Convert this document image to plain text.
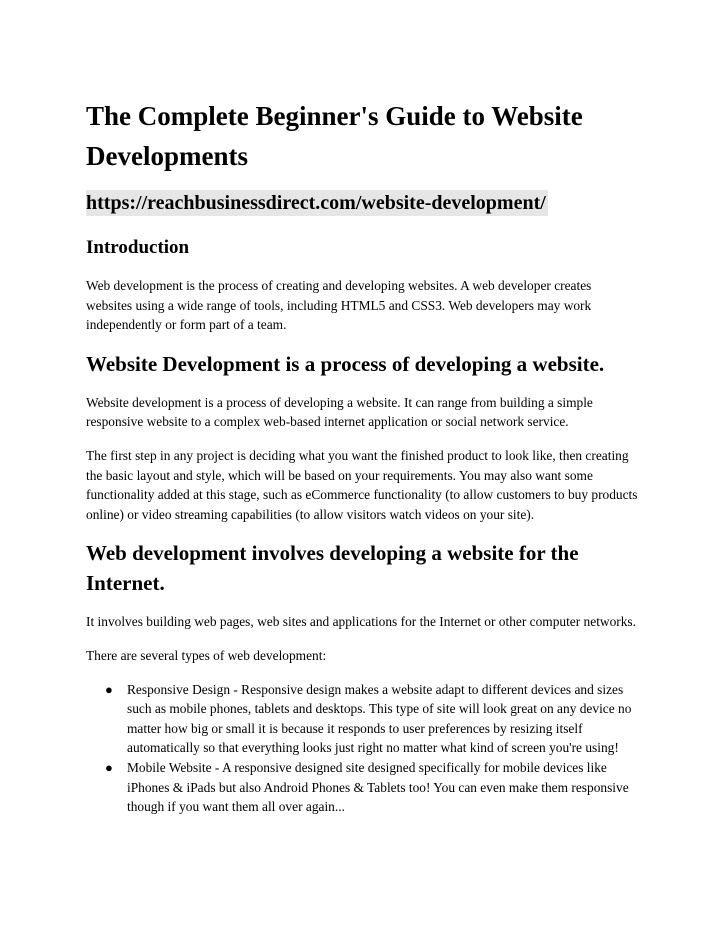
The Complete Beginner's Guide to Website Developments
https://reachbusinessdirect.com/website-development/
Introduction

Web development is the process of creating and developing websites. A web developer creates websites using a wide range of tools, including HTML5 and CSS3. Web developers may work independently or form part of a team.

Website Development is a process of developing a website.

Website development is a process of developing a website. It can range from building a simple responsive website to a complex web-based internet application or social network service.

The first step in any project is deciding what you want the finished product to look like, then creating the basic layout and style, which will be based on your requirements. You may also want some functionality added at this stage, such as eCommerce functionality (to allow customers to buy products online) or video streaming capabilities (to allow visitors watch videos on your site).

Web development involves developing a website for the Internet.

It involves building web pages, web sites and applications for the Internet or other computer networks.

There are several types of web development:

● Responsive Design - Responsive design makes a website adapt to different devices and sizes such as mobile phones, tablets and desktops. This type of site will look great on any device no matter how big or small it is because it responds to user preferences by resizing itself automatically so that everything looks just right no matter what kind of screen you're using!
● Mobile Website - A responsive designed site designed specifically for mobile devices like iPhones & iPads but also Android Phones & Tablets too! You can even make them responsive though if you want them all over again...
